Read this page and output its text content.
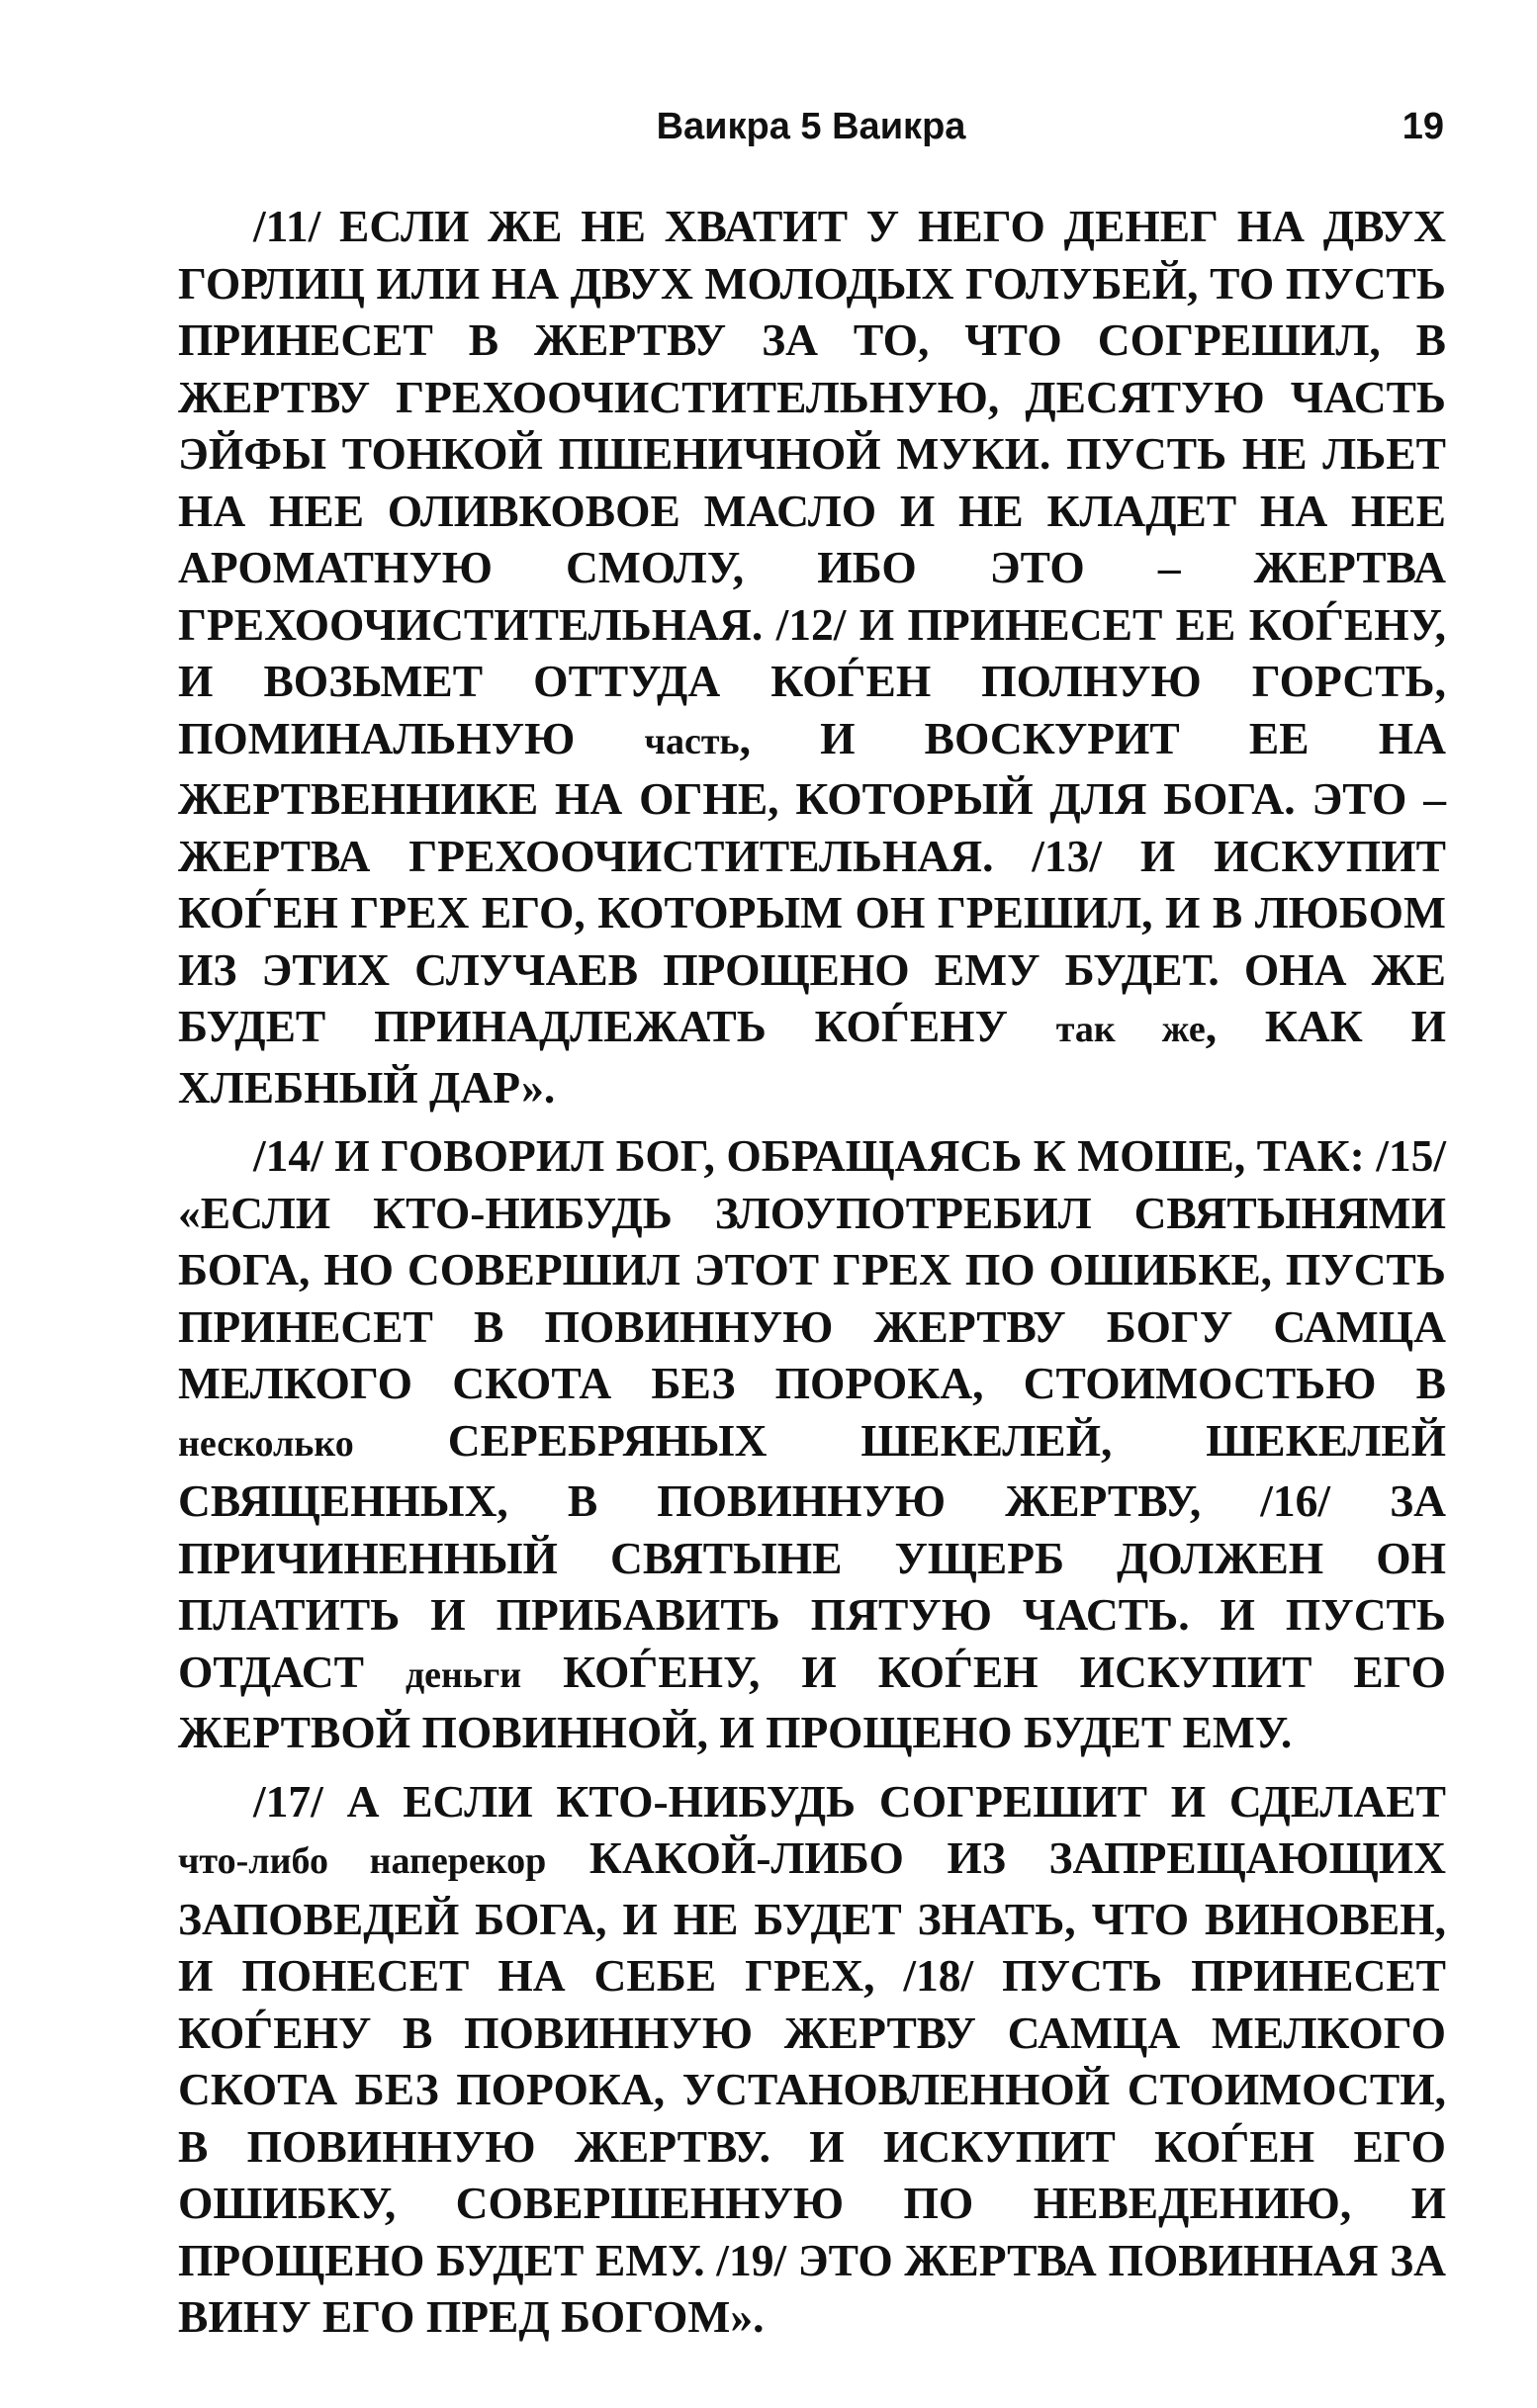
Ваикра 5 Ваикра	19

/11/ ЕСЛИ ЖЕ НЕ ХВАТИТ У НЕГО ДЕНЕГ НА ДВУХ ГОРЛИЦ ИЛИ НА ДВУХ МОЛОДЫХ ГОЛУБЕЙ, ТО ПУСТЬ ПРИНЕСЕТ В ЖЕРТВУ ЗА ТО, ЧТО СОГРЕШИЛ, В ЖЕРТВУ ГРЕХООЧИСТИТЕЛЬНУЮ, ДЕСЯТУЮ ЧАСТЬ ЭЙФЫ ТОНКОЙ ПШЕНИЧНОЙ МУКИ. ПУСТЬ НЕ ЛЬЕТ НА НЕЕ ОЛИВКОВОЕ МАСЛО И НЕ КЛАДЕТ НА НЕЕ АРОМАТНУЮ СМОЛУ, ИБО ЭТО – ЖЕРТВА ГРЕХООЧИСТИТЕЛЬНАЯ. /12/ И ПРИНЕСЕТ ЕЕ КОЃЕНУ, И ВОЗЬМЕТ ОТТУДА КОЃЕН ПОЛНУЮ ГОРСТЬ, ПОМИНАЛЬНУЮ часть, И ВОСКУРИТ ЕЕ НА ЖЕРТВЕННИКЕ НА ОГНЕ, КОТОРЫЙ ДЛЯ БОГА. ЭТО – ЖЕРТВА ГРЕХООЧИСТИТЕЛЬНАЯ. /13/ И ИСКУПИТ КОЃЕН ГРЕХ ЕГО, КОТОРЫМ ОН ГРЕШИЛ, И В ЛЮБОМ ИЗ ЭТИХ СЛУЧАЕВ ПРОЩЕНО ЕМУ БУДЕТ. ОНА ЖЕ БУДЕТ ПРИНАДЛЕЖАТЬ КОЃЕНУ так же, КАК И ХЛЕБНЫЙ ДАР».

/14/ И ГОВОРИЛ БОГ, ОБРАЩАЯСЬ К МОШЕ, ТАК: /15/ «ЕСЛИ КТО-НИБУДЬ ЗЛОУПОТРЕБИЛ СВЯТЫНЯМИ БОГА, НО СОВЕРШИЛ ЭТОТ ГРЕХ ПО ОШИБКЕ, ПУСТЬ ПРИНЕСЕТ В ПОВИННУЮ ЖЕРТВУ БОГУ САМЦА МЕЛКОГО СКОТА БЕЗ ПОРОКА, СТОИМОСТЬЮ В несколько СЕРЕБРЯНЫХ ШЕКЕЛЕЙ, ШЕКЕЛЕЙ СВЯЩЕННЫХ, В ПОВИННУЮ ЖЕРТВУ, /16/ ЗА ПРИЧИНЕННЫЙ СВЯТЫНЕ УЩЕРБ ДОЛЖЕН ОН ПЛАТИТЬ И ПРИБАВИТЬ ПЯТУЮ ЧАСТЬ. И ПУСТЬ ОТДАСТ деньги КОЃЕНУ, И КОЃЕН ИСКУПИТ ЕГО ЖЕРТВОЙ ПОВИННОЙ, И ПРОЩЕНО БУДЕТ ЕМУ.

/17/ А ЕСЛИ КТО-НИБУДЬ СОГРЕШИТ И СДЕЛАЕТ что-либо наперекор КАКОЙ-ЛИБО ИЗ ЗАПРЕЩАЮЩИХ ЗАПОВЕДЕЙ БОГА, И НЕ БУДЕТ ЗНАТЬ, ЧТО ВИНОВЕН, И ПОНЕСЕТ НА СЕБЕ ГРЕХ, /18/ ПУСТЬ ПРИНЕСЕТ КОЃЕНУ В ПОВИННУЮ ЖЕРТВУ САМЦА МЕЛКОГО СКОТА БЕЗ ПОРОКА, УСТАНОВЛЕННОЙ СТОИМОСТИ, В ПОВИННУЮ ЖЕРТВУ. И ИСКУПИТ КОЃЕН ЕГО ОШИБКУ, СОВЕРШЕННУЮ ПО НЕВЕДЕНИЮ, И ПРОЩЕНО БУДЕТ ЕМУ. /19/ ЭТО ЖЕРТВА ПОВИННАЯ ЗА ВИНУ ЕГО ПРЕД БОГОМ».
